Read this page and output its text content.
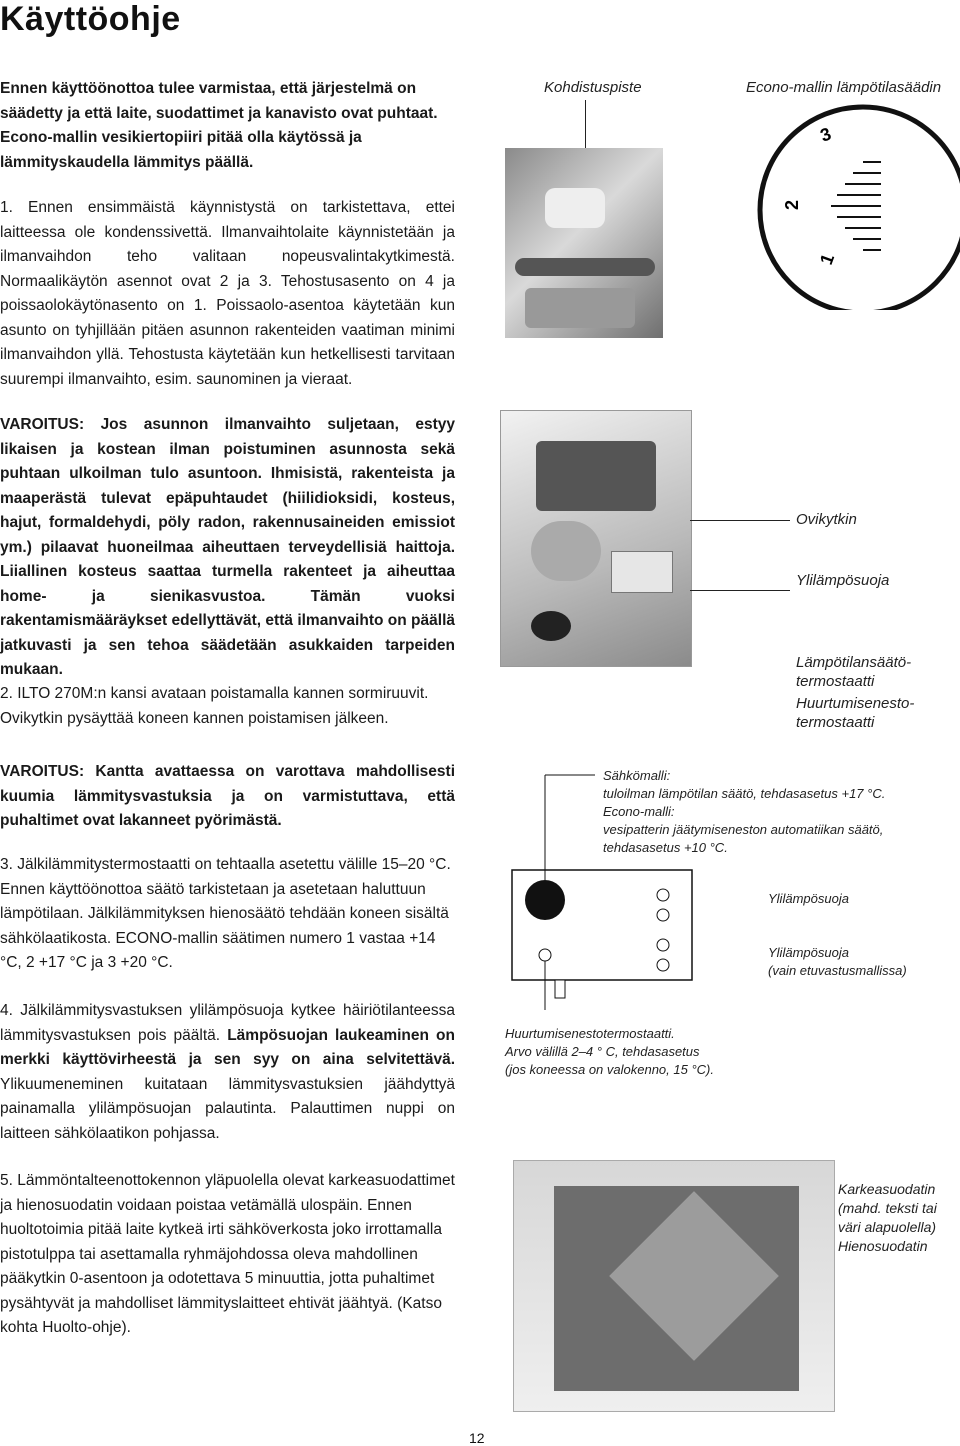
Käyttöohje
Ennen käyttöönottoa tulee varmistaa, että järjestelmä on säädetty ja että laite, suodattimet ja kanavisto ovat puhtaat. Econo-mallin vesikiertopiiri pitää olla käytössä ja lämmityskaudella lämmitys päällä.
1. Ennen ensimmäistä käynnistystä on tarkistettava, ettei laitteessa ole kondenssivettä. Ilmanvaihtolaite käynnistetään ja ilmanvaihdon teho valitaan nopeusvalintakytkimestä. Normaalikäytön asennot ovat 2 ja 3. Tehostusasento on 4 ja poissaolokäytönasento on 1. Poissaolo-asentoa käytetään kun asunto on tyhjillään pitäen asunnon rakenteiden vaatiman minimi ilmanvaihdon yllä. Tehostusta käytetään kun hetkellisesti tarvitaan suurempi ilmanvaihto, esim. saunominen ja vieraat.
VAROITUS: Jos asunnon ilmanvaihto suljetaan, estyy likaisen ja kostean ilman poistuminen asunnosta sekä puhtaan ulkoilman tulo asuntoon. Ihmisistä, rakenteista ja maaperästä tulevat epäpuhtaudet (hiilidioksidi, kosteus, hajut, formaldehydi, pöly radon, rakennusaineiden emissiot ym.) pilaavat huoneilmaa aiheuttaen terveydellisiä haittoja. Liiallinen kosteus saattaa turmella rakenteet ja aiheuttaa home- ja sienikasvustoa. Tämän vuoksi rakentamismääräykset edellyttävät, että ilmanvaihto on päällä jatkuvasti ja sen tehoa säädetään asukkaiden tarpeiden mukaan.
2. ILTO 270M:n kansi avataan poistamalla kannen sormiruuvit. Ovikytkin pysäyttää koneen kannen poistamisen jälkeen.
VAROITUS: Kantta avattaessa on varottava mahdollisesti kuumia lämmitysvastuksia ja on varmistuttava, että puhaltimet ovat lakanneet pyörimästä.
3. Jälkilämmitystermostaatti on tehtaalla asetettu välille 15–20 °C. Ennen käyttöönottoa säätö tarkistetaan ja asetetaan haluttuun lämpötilaan. Jälkilämmityksen hienosäätö tehdään koneen sisältä sähkölaatikosta. ECONO-mallin säätimen numero 1 vastaa +14 °C, 2 +17 °C ja 3 +20 °C.
4. Jälkilämmitysvastuksen ylilämpösuoja kytkee häiriötilanteessa lämmitysvastuksen pois päältä. Lämpösuojan laukeaminen on merkki käyttövirheestä ja sen syy on aina selvitettävä. Ylikuumeneminen kuitataan lämmitysvastuksien jäähdyttyä painamalla ylilämpösuojan palautinta. Palauttimen nuppi on laitteen sähkölaatikon pohjassa.
5. Lämmöntalteenottokennon yläpuolella olevat karkeasuodattimet ja hienosuodatin voidaan poistaa vetämällä ulospäin. Ennen huoltotoimia pitää laite kytkeä irti sähköverkosta joko irrottamalla pistotulppa tai asettamalla ryhmäjohdossa oleva mahdollinen pääkytkin 0-asentoon ja odotettava 5 minuuttia, jotta puhaltimet pysähtyvät ja mahdolliset lämmityslaitteet ehtivät jäähtyä. (Katso kohta Huolto-ohje).
Kohdistuspiste	Econo-mallin lämpötilasäädin
1
2
3
Ovikytkin
Ylilämpösuoja
Lämpötilansäätö-
termostaatti
Huurtumisenesto-
termostaatti
Sähkömalli:
tuloilman lämpötilan säätö, tehdasasetus +17 °C.
Econo-malli:
vesipatterin jäätymiseneston automatiikan säätö,
tehdasasetus +10 °C.
Ylilämpösuoja
Ylilämpösuoja
(vain etuvastusmallissa)
Huurtumisenestotermostaatti.
Arvo välillä 2–4 ° C, tehdasasetus
(jos koneessa on valokenno, 15 °C).
Karkeasuodatin
(mahd. teksti tai
väri alapuolella)
Hienosuodatin
12
